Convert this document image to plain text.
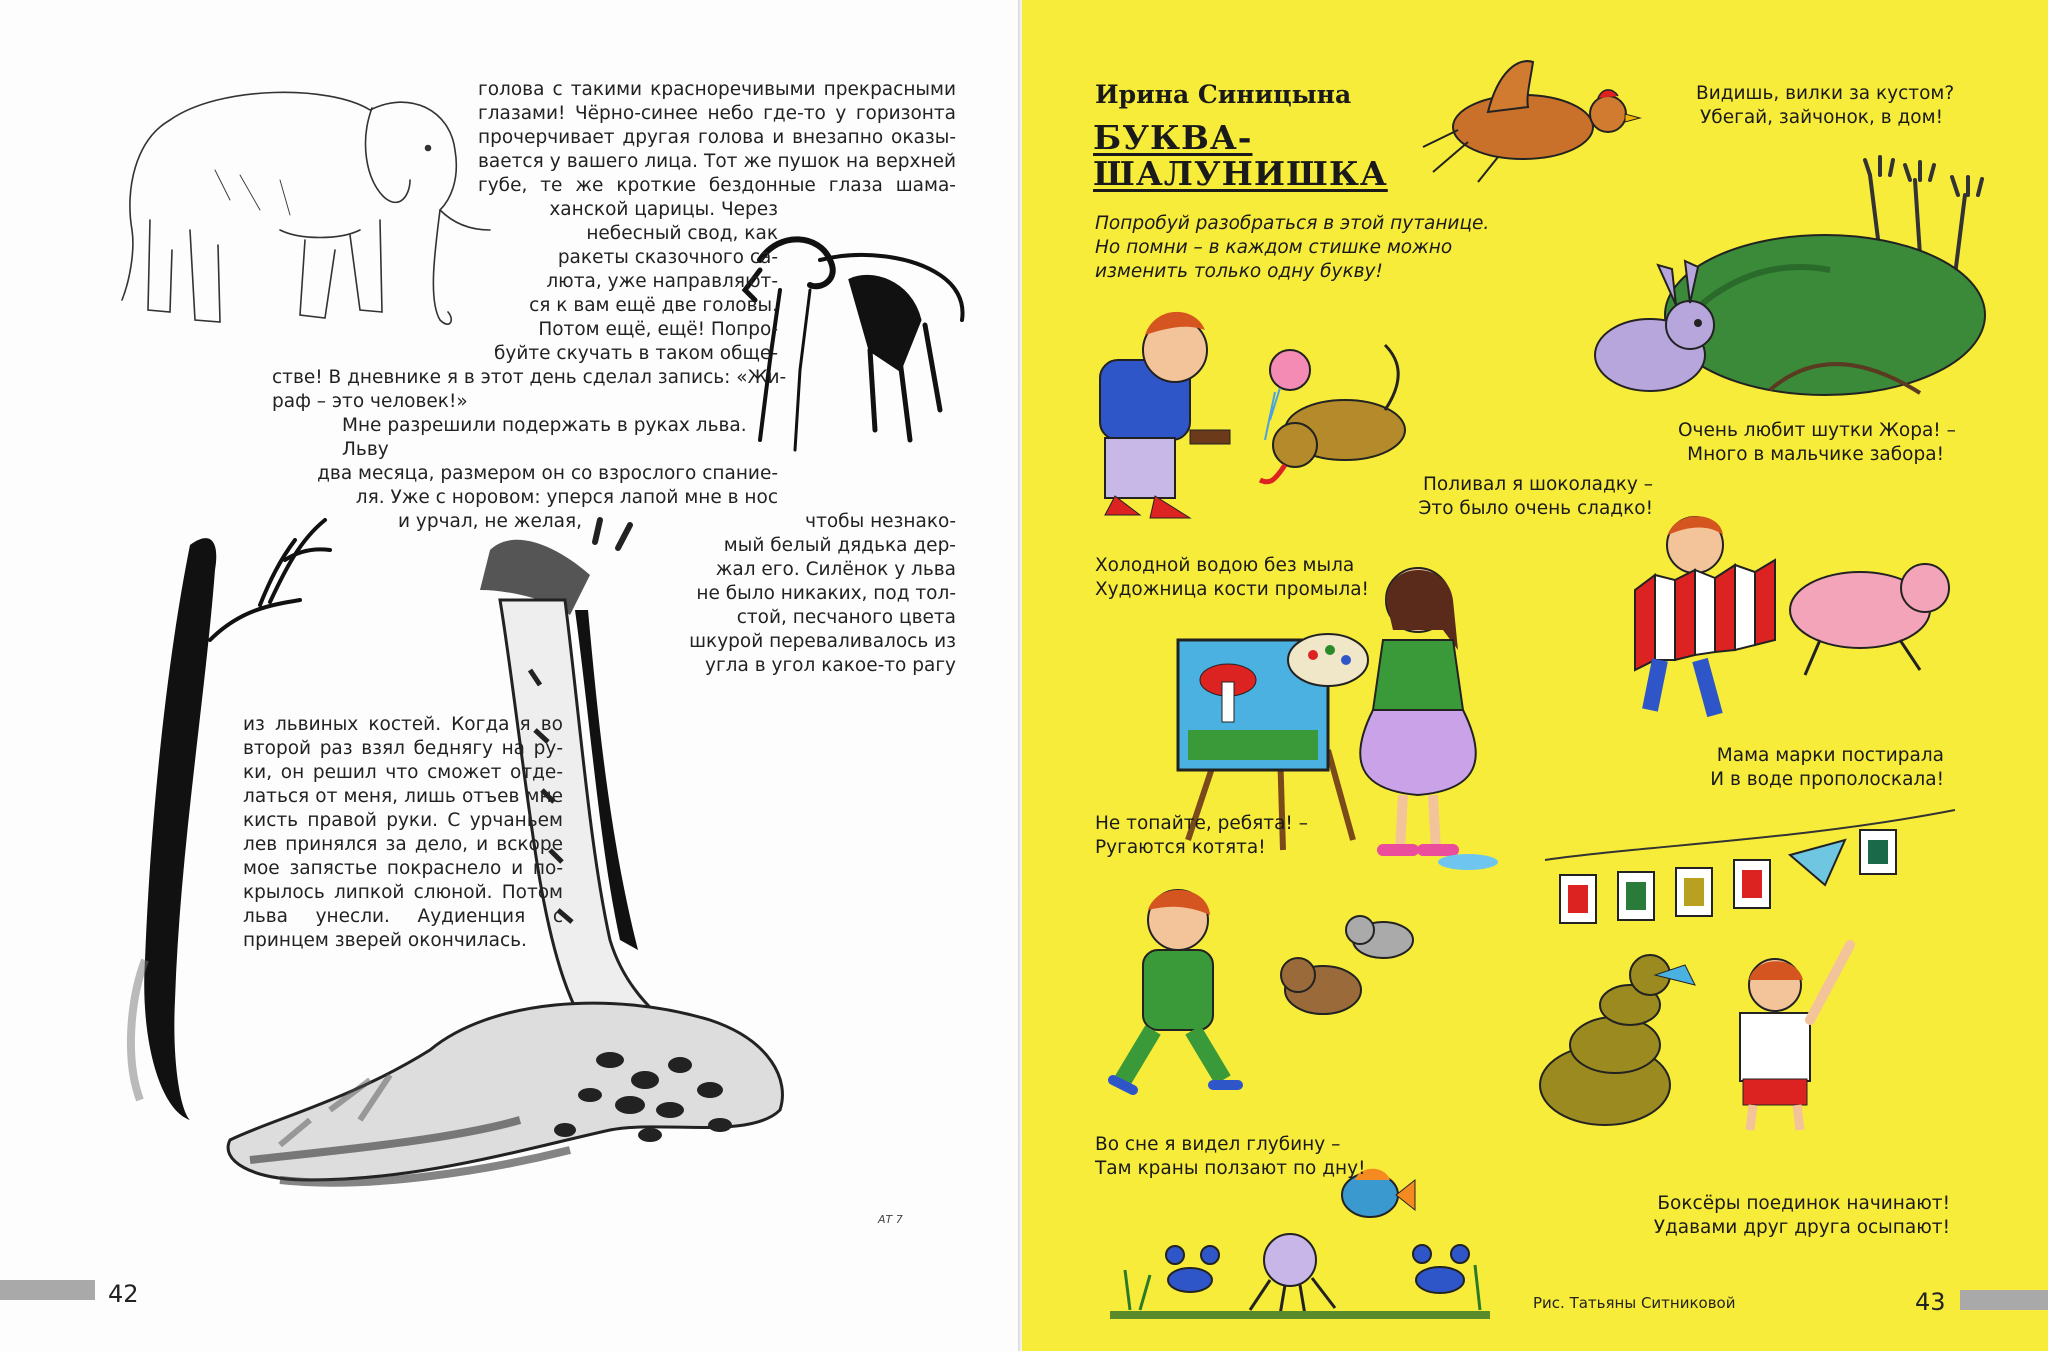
голова с такими красноречивыми прекрасными

глазами! Чёрно-синее небо где-то у горизонта

прочерчивает другая голова и внезапно оказы-

вается у вашего лица. Тот же пушок на верхней

губе, те же кроткие бездонные глаза шама-

ханской царицы. Через

небесный свод, как

ракеты сказочного са-

люта, уже направляют-

ся к вам ещё две головы.

Потом ещё, ещё! Попро-

буйте скучать в таком обще-

стве! В дневнике я в этот день сделал запись: «Жи-

раф – это человек!»

Мне разрешили подержать в руках льва. Льву

два месяца, размером он со взрослого спание-

ля. Уже с норовом: уперся лапой мне в нос

и урчал, не желая,	чтобы незнако-

мый белый дядька дер-

жал его. Силёнок у льва

не было никаких, под тол-

стой, песчаного цвета

шкурой переваливалось из

угла в угол какое-то рагу

из львиных костей. Когда я во

второй раз взял беднягу на ру-

ки, он решил что сможет отде-

латься от меня, лишь отъев мне

кисть правой руки. С урчаньем

лев принялся за дело, и вскоре

мое запястье покраснело и по-

крылось липкой слюной. Потом

льва унесли. Аудиенция с

принцем зверей окончилась.

АТ 7
42
Ирина Синицына
БУКВА-
ШАЛУНИШКА
Попробуй разобраться в этой путанице.
Но помни – в каждом стишке можно
изменить только одну букву!
Видишь, вилки за кустом?
Убегай, зайчонок, в дом!
Очень любит шутки Жора! –
Много в мальчике забора!
Поливал я шоколадку –
Это было очень сладко!
Холодной водою без мыла
Художница кости промыла!
Мама марки постирала
И в воде прополоскала!
Не топайте, ребята! –
Ругаются котята!
Во сне я видел глубину –
Там краны ползают по дну!
Боксёры поединок начинают!
Удавами друг друга осыпают!
Рис. Татьяны Ситниковой	43
